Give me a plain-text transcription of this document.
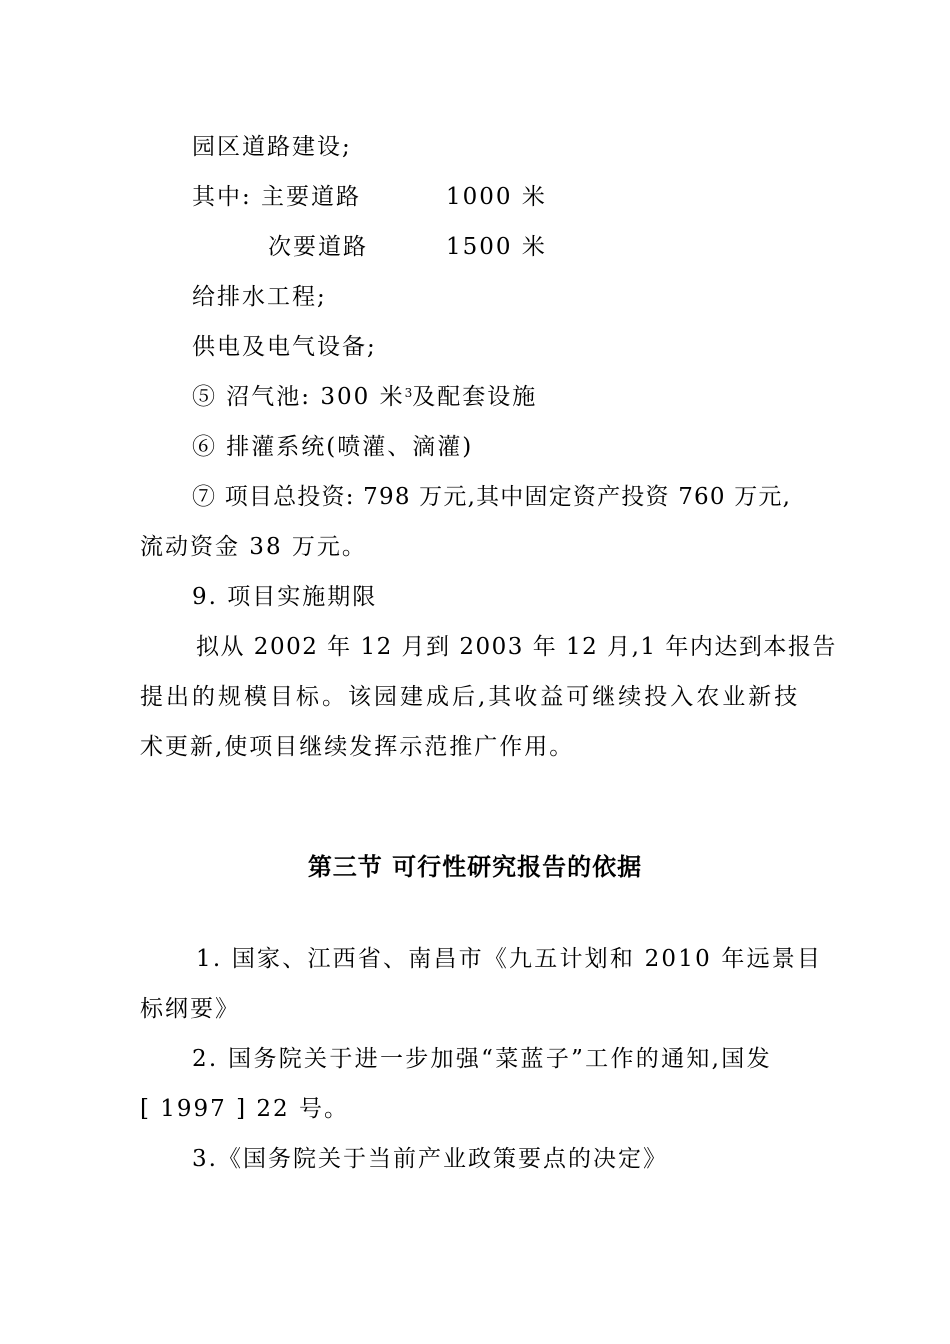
园区道路建设;
其中: 主要道路	1000 米
次要道路	1500 米
给排水工程;
供电及电气设备;
⑤ 沼气池: 300 米$^3$及配套设施
⑥ 排灌系统(喷灌、滴灌)
⑦ 项目总投资: 798 万元,其中固定资产投资 760 万元,
流动资金 38 万元。
9. 项目实施期限
拟从 2002 年 12 月到 2003 年 12 月,1 年内达到本报告
提出的规模目标。该园建成后,其收益可继续投入农业新技
术更新,使项目继续发挥示范推广作用。
第三节 可行性研究报告的依据
1. 国家、江西省、南昌市《九五计划和 2010 年远景目
标纲要》
2. 国务院关于进一步加强“菜蓝子”工作的通知,国发
[ 1997 ] 22 号。
3.《国务院关于当前产业政策要点的决定》
